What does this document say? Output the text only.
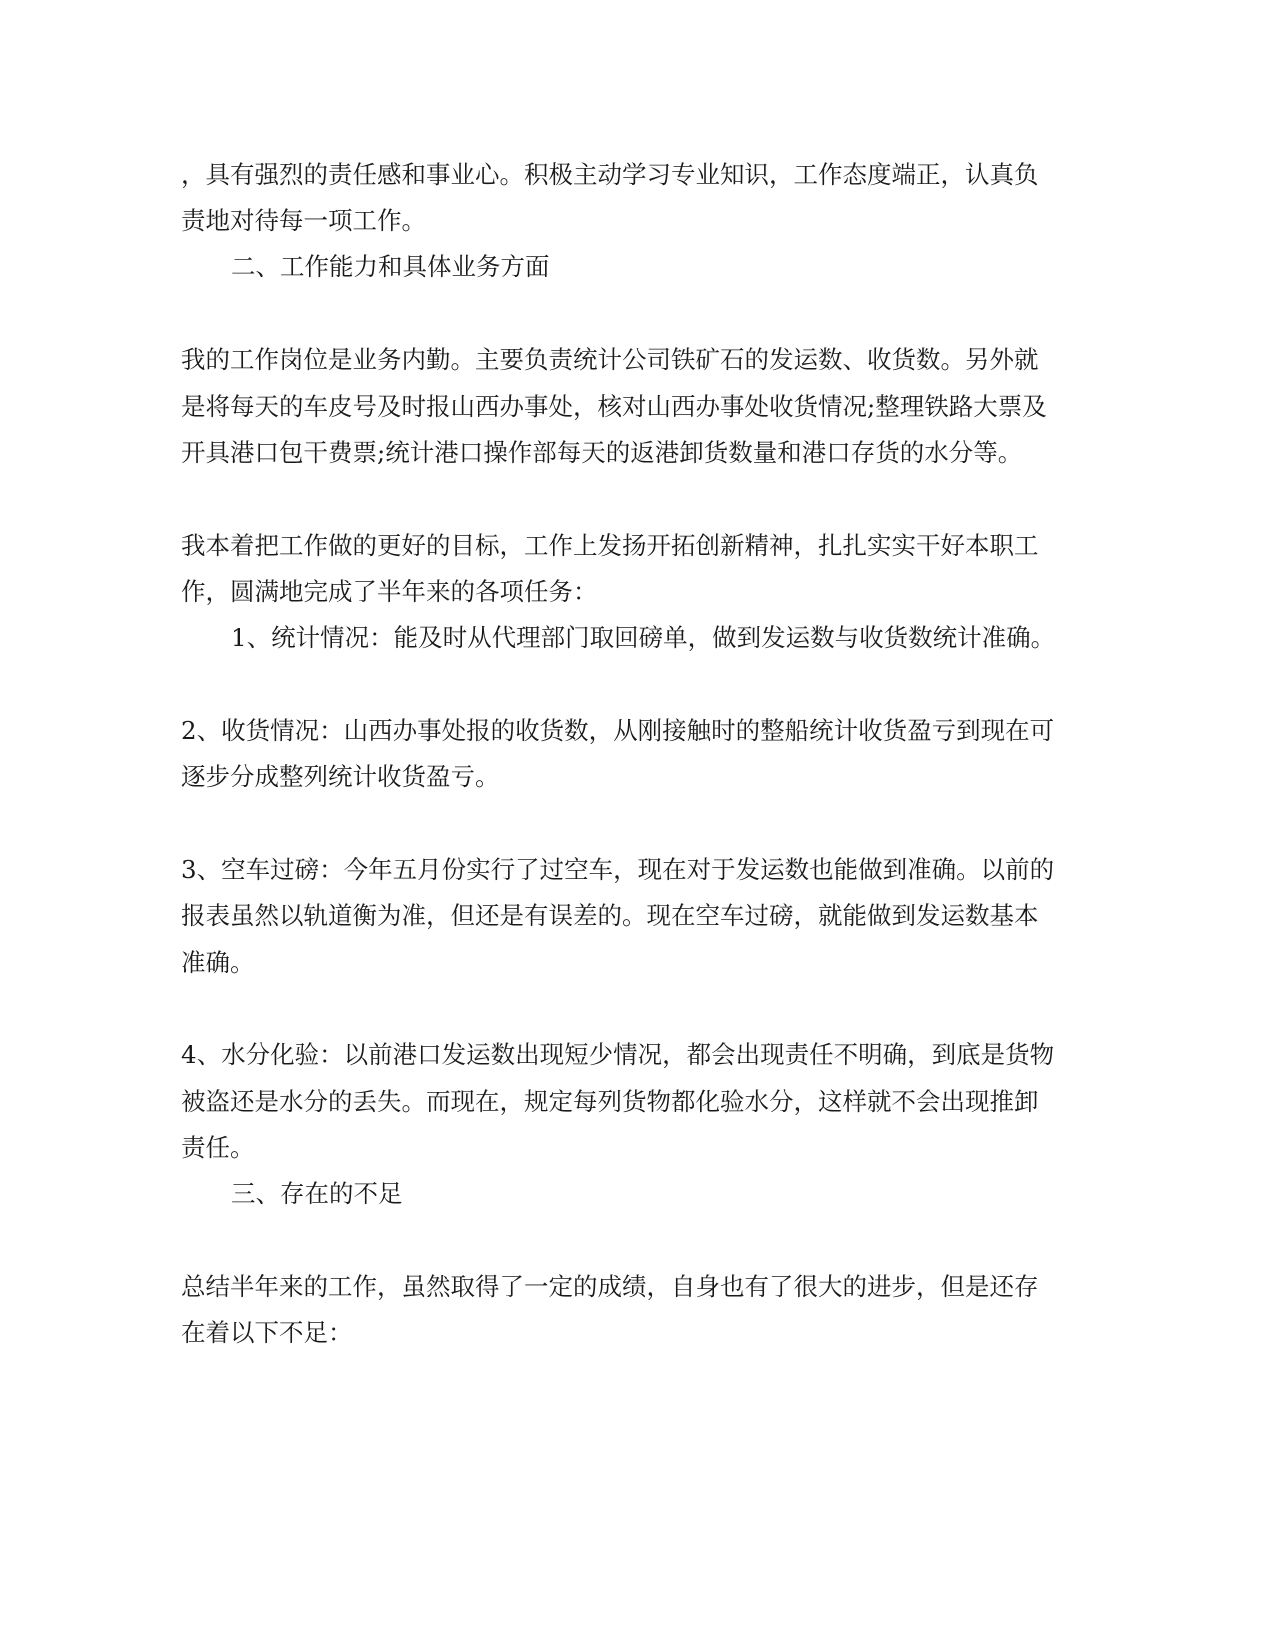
，具有强烈的责任感和事业心。积极主动学习专业知识，工作态度端正，认真负

责地对待每一项工作。

二、工作能力和具体业务方面

我的工作岗位是业务内勤。主要负责统计公司铁矿石的发运数、收货数。另外就

是将每天的车皮号及时报山西办事处，核对山西办事处收货情况;整理铁路大票及

开具港口包干费票;统计港口操作部每天的返港卸货数量和港口存货的水分等。

我本着把工作做的更好的目标，工作上发扬开拓创新精神，扎扎实实干好本职工

作，圆满地完成了半年来的各项任务：

1、统计情况：能及时从代理部门取回磅单，做到发运数与收货数统计准确。

2、收货情况：山西办事处报的收货数，从刚接触时的整船统计收货盈亏到现在可

逐步分成整列统计收货盈亏。

3、空车过磅：今年五月份实行了过空车，现在对于发运数也能做到准确。以前的

报表虽然以轨道衡为准，但还是有误差的。现在空车过磅，就能做到发运数基本

准确。

4、水分化验：以前港口发运数出现短少情况，都会出现责任不明确，到底是货物

被盗还是水分的丢失。而现在，规定每列货物都化验水分，这样就不会出现推卸

责任。

三、存在的不足

总结半年来的工作，虽然取得了一定的成绩，自身也有了很大的进步，但是还存

在着以下不足：
